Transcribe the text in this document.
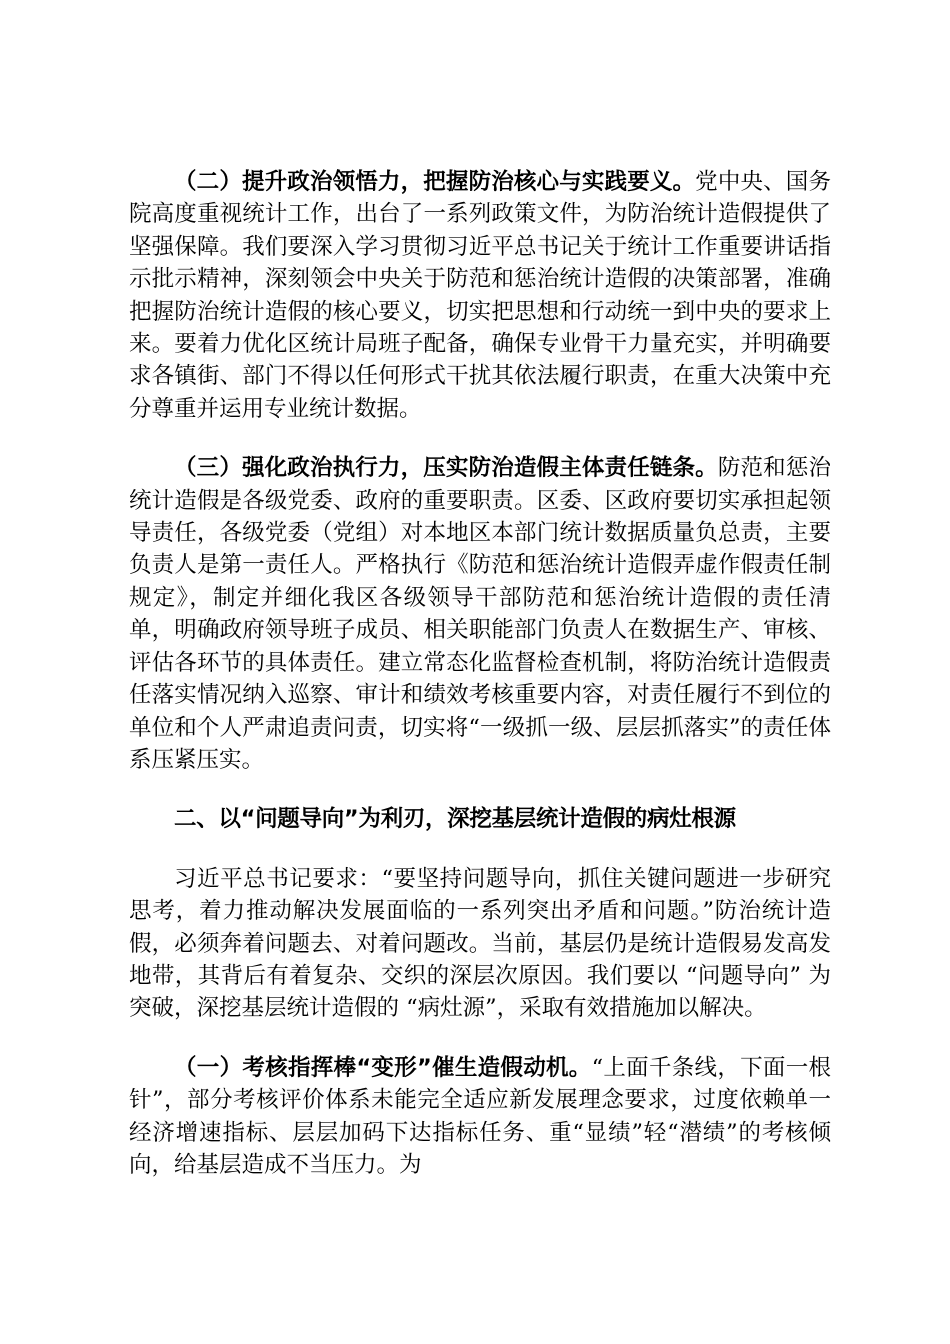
（二）提升政治领悟力，把握防治核心与实践要义。党中央、国务院高度重视统计工作，出台了一系列政策文件，为防治统计造假提供了坚强保障。我们要深入学习贯彻习近平总书记关于统计工作重要讲话指示批示精神，深刻领会中央关于防范和惩治统计造假的决策部署，准确把握防治统计造假的核心要义，切实把思想和行动统一到中央的要求上来。要着力优化区统计局班子配备，确保专业骨干力量充实，并明确要求各镇街、部门不得以任何形式干扰其依法履行职责，在重大决策中充分尊重并运用专业统计数据。

（三）强化政治执行力，压实防治造假主体责任链条。防范和惩治统计造假是各级党委、政府的重要职责。区委、区政府要切实承担起领导责任，各级党委（党组）对本地区本部门统计数据质量负总责，主要负责人是第一责任人。严格执行《防范和惩治统计造假弄虚作假责任制规定》，制定并细化我区各级领导干部防范和惩治统计造假的责任清单，明确政府领导班子成员、相关职能部门负责人在数据生产、审核、评估各环节的具体责任。建立常态化监督检查机制，将防治统计造假责任落实情况纳入巡察、审计和绩效考核重要内容，对责任履行不到位的单位和个人严肃追责问责，切实将“一级抓一级、层层抓落实”的责任体系压紧压实。

二、以“问题导向”为利刃，深挖基层统计造假的病灶根源

习近平总书记要求：“要坚持问题导向，抓住关键问题进一步研究思考，着力推动解决发展面临的一系列突出矛盾和问题。”防治统计造假，必须奔着问题去、对着问题改。当前，基层仍是统计造假易发高发地带，其背后有着复杂、交织的深层次原因。我们要以 “问题导向” 为突破，深挖基层统计造假的 “病灶源”，采取有效措施加以解决。

（一）考核指挥棒“变形”催生造假动机。“上面千条线，下面一根针”，部分考核评价体系未能完全适应新发展理念要求，过度依赖单一经济增速指标、层层加码下达指标任务、重“显绩”轻“潜绩”的考核倾向，给基层造成不当压力。为
